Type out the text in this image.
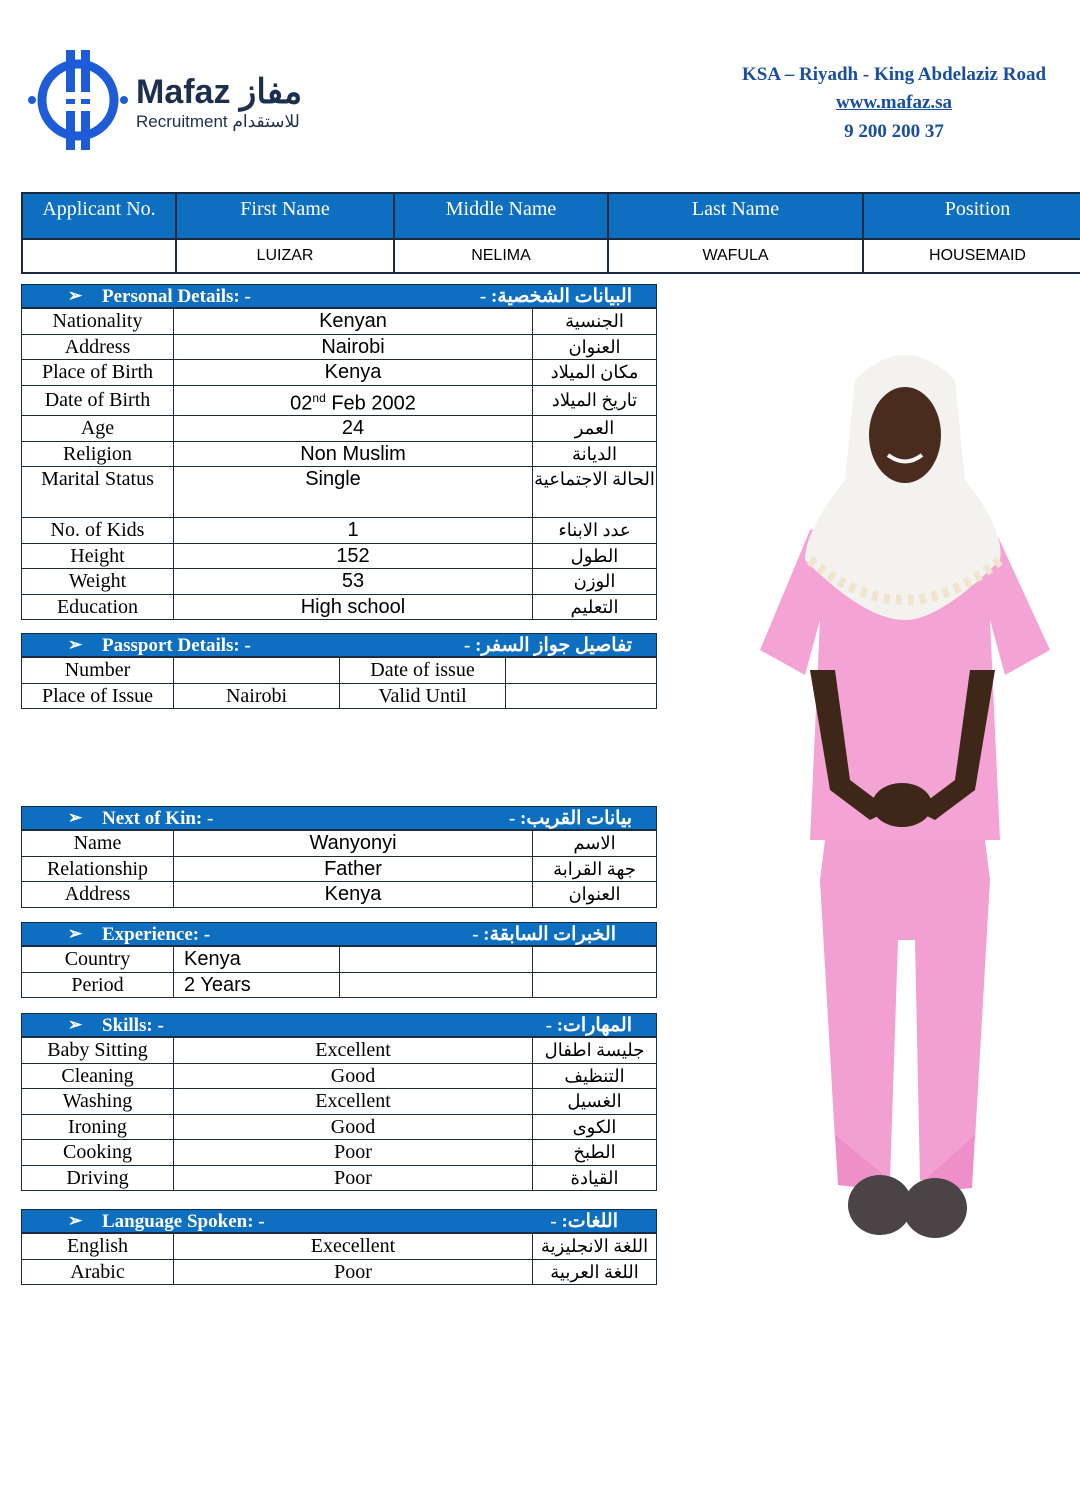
Mafaz مفاز
Recruitment للاستقدام
KSA – Riyadh - King Abdelaziz Road
www.mafaz.sa
9 200 200 37
Applicant No.	First Name	Middle Name	Last Name	Position
	LUIZAR	NELIMA	WAFULA	HOUSEMAID
➢ Personal Details: -	البيانات الشخصية: -
Nationality	Kenyan	الجنسية
Address	Nairobi	العنوان
Place of Birth	Kenya	مكان الميلاد
Date of Birth	02nd Feb 2002	تاريخ الميلاد
Age	24	العمر
Religion	Non Muslim	الديانة
Marital Status	Single	الحالة الاجتماعية
No. of Kids	1	عدد الابناء
Height	152	الطول
Weight	53	الوزن
Education	High school	التعليم
➢ Passport Details: -	تفاصيل جواز السفر: -
Number		Date of issue	
Place of Issue	Nairobi	Valid Until	
➢ Next of Kin: -	بيانات القريب: -
Name	Wanyonyi	الاسم
Relationship	Father	جهة القرابة
Address	Kenya	العنوان
➢ Experience: -	الخبرات السابقة: -
Country	Kenya		
Period	2 Years		
➢ Skills: -	المهارات: -
Baby Sitting	Excellent	جليسة اطفال
Cleaning	Good	التنظيف
Washing	Excellent	الغسيل
Ironing	Good	الكوى
Cooking	Poor	الطبخ
Driving	Poor	القيادة
➢ Language Spoken: -	اللغات: -
English	Execellent	اللغة الانجليزية
Arabic	Poor	اللغة العربية
